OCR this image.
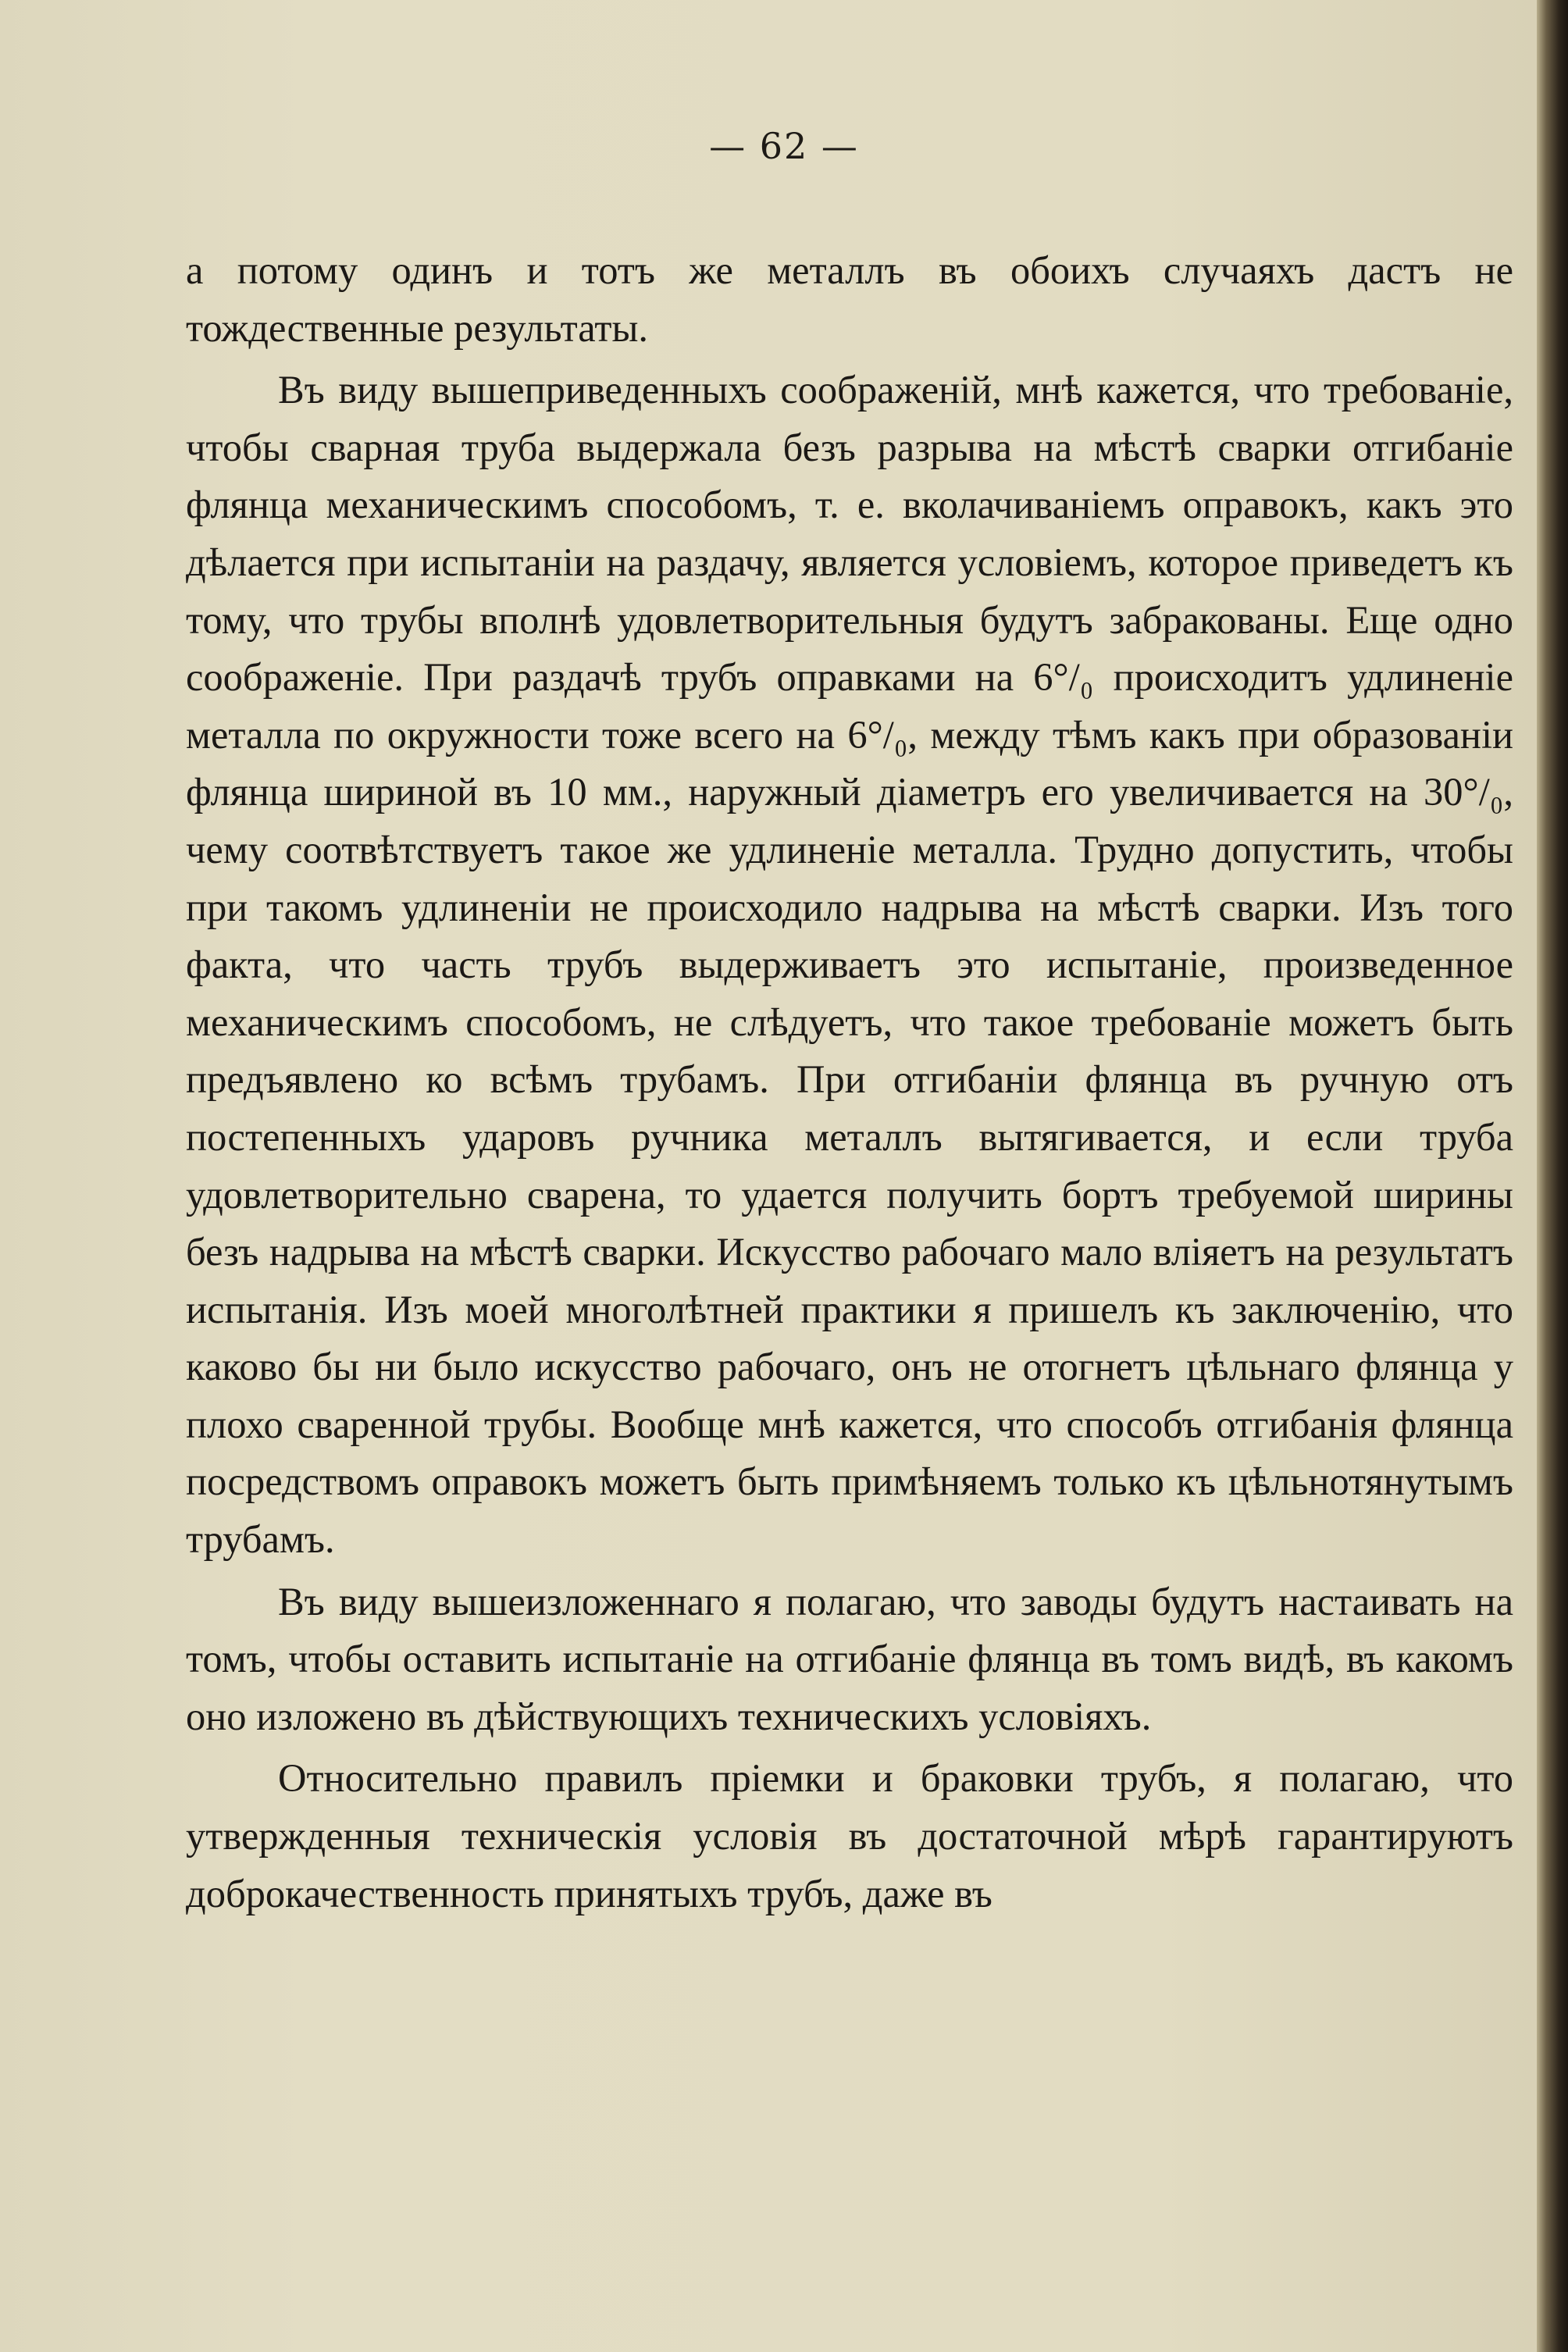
— 62 —

а потому одинъ и тотъ же металлъ въ обоихъ случаяхъ дастъ не тождественные результаты.

Въ виду вышеприведенныхъ соображенiй, мнѣ кажется, что требованiе, чтобы сварная труба выдержала безъ разрыва на мѣстѣ сварки отгибанiе флянца механическимъ способомъ, т. е. вколачиванiемъ оправокъ, какъ это дѣлается при испытанiи на раздачу, является условiемъ, которое приведетъ къ тому, что трубы вполнѣ удовлетворительныя будутъ забракованы. Еще одно соображенiе. При раздачѣ трубъ оправками на 6°/₀ происходитъ удлиненiе металла по окружности тоже всего на 6°/₀, между тѣмъ какъ при образованiи флянца шириной въ 10 мм., наружный дiаметръ его увеличивается на 30°/₀, чему соотвѣтствуетъ такое же удлиненiе металла. Трудно допустить, чтобы при такомъ удлиненiи не происходило надрыва на мѣстѣ сварки. Изъ того факта, что часть трубъ выдерживаетъ это испытанiе, произведенное механическимъ способомъ, не слѣдуетъ, что такое требованiе можетъ быть предъявлено ко всѣмъ трубамъ. При отгибанiи флянца въ ручную отъ постепенныхъ ударовъ ручника металлъ вытягивается, и если труба удовлетворительно сварена, то удается получить бортъ требуемой ширины безъ надрыва на мѣстѣ сварки. Искусство рабочаго мало влiяетъ на результатъ испытанiя. Изъ моей многолѣтней практики я пришелъ къ заключенiю, что каково бы ни было искусство рабочаго, онъ не отогнетъ цѣльнаго флянца у плохо сваренной трубы. Вообще мнѣ кажется, что способъ отгибанiя флянца посредствомъ оправокъ можетъ быть примѣняемъ только къ цѣльнотянутымъ трубамъ.

Въ виду вышеизложеннаго я полагаю, что заводы будутъ настаивать на томъ, чтобы оставить испытанiе на отгибанiе флянца въ томъ видѣ, въ какомъ оно изложено въ дѣйствующихъ техническихъ условiяхъ.

Относительно правилъ прiемки и браковки трубъ, я полагаю, что утвержденныя техническiя условiя въ достаточной мѣрѣ гарантируютъ доброкачественность принятыхъ трубъ, даже въ
